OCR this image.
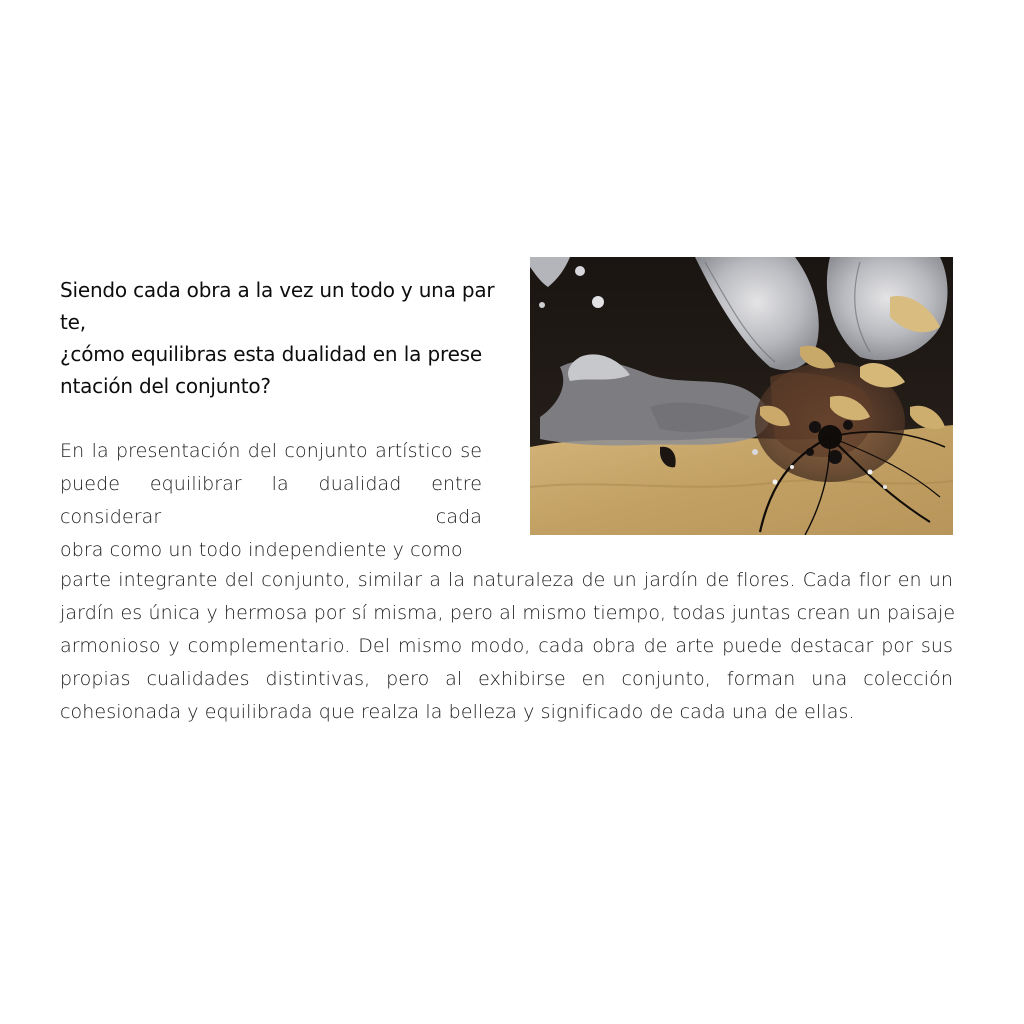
Siendo cada obra a la vez un todo y una par
te,
¿cómo equilibras esta dualidad en la prese
ntación del conjunto?
En la presentación del conjunto artístico se
puede equilibrar la dualidad entre
considerar cada
obra como un todo independiente y como
parte integrante del conjunto, similar a la naturaleza de un jardín de flores. Cada flor en un
jardín es única y hermosa por sí misma, pero al mismo tiempo, todas juntas crean un paisaje
armonioso y complementario. Del mismo modo, cada obra de arte puede destacar por sus
propias cualidades distintivas, pero al exhibirse en conjunto, forman una colección
cohesionada y equilibrada que realza la belleza y significado de cada una de ellas.
